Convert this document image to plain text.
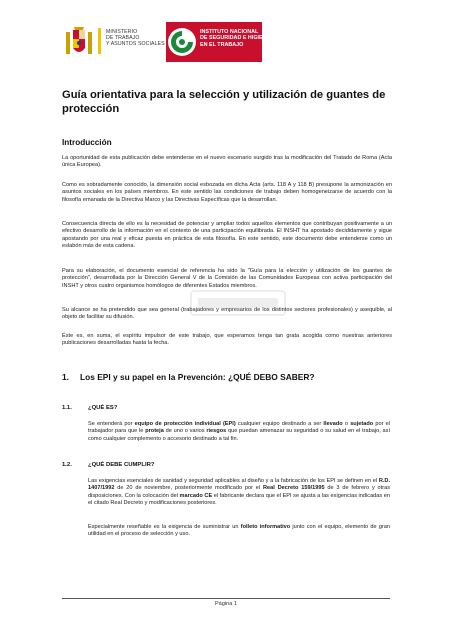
MINISTERIO
DE TRABAJO
Y ASUNTOS SOCIALES
INSTITUTO NACIONAL
DE SEGURIDAD E HIGIENE
EN EL TRABAJO
Guía orientativa para la selección y utilización de guantes de protección
Introducción

La oportunidad de esta publicación debe entenderse en el nuevo escenario surgido tras la modificación del Tratado de Roma (Acta única Europea).

Como es sobradamente conocido, la dimensión social esbozada en dicha Acta (arts. 118 A y 118 B) presupone la armonización en asuntos sociales en los países miembros. En este sentido las condiciones de trabajo deben homogeneizarse de acuerdo con la filosofía emanada de la Directiva Marco y las Directivas Específicas que la desarrollan.

Consecuencia directa de ello es la necesidad de potenciar y ampliar todos aquellos elementos que contribuyan positivamente a un efectivo desarrollo de la información en el contexto de una participación equilibrada. El INSHT ha apostado decididamente y sigue apostando por una real y eficaz puesta en práctica de esta filosofía. En este sentido, este documento debe entenderse como un eslabón más de esta cadena.

Para su elaboración, el documento esencial de referencia ha sido la "Guía para la elección y utilización de los guantes de protección", desarrollada por la Dirección General V de la Comisión de las Comunidades Europeas con activa participación del INSHT y otros cuatro organismos homólogos de diferentes Estados miembros.

Su alcance se ha pretendido que sea general (trabajadores y empresarios de los distintos sectores profesionales) y asequible, al objeto de facilitar su difusión.

Éste es, en suma, el espíritu impulsor de este trabajo, que esperamos tenga tan grata acogida como nuestras anteriores publicaciones desarrolladas hasta la fecha.

1. Los EPI y su papel en la Prevención: ¿QUÉ DEBO SABER?
1.1.	¿QUÉ ES?

Se entenderá por equipo de protección individual (EPI) cualquier equipo destinado a ser llevado o sujetado por el trabajador para que le proteja de uno o varios riesgos que puedan amenazar su seguridad o su salud en el trabajo, así como cualquier complemento o accesorio destinado a tal fin.

1.2.	¿QUÉ DEBE CUMPLIR?

Las exigencias esenciales de sanidad y seguridad aplicables al diseño y a la fabricación de los EPI se definen en el R.D. 1407/1992 de 20 de noviembre, posteriormente modificado por el Real Decreto 159/1995 de 3 de febrero y otras disposiciones. Con la colocación del marcado CE el fabricante declara que el EPI se ajusta a las exigencias indicadas en el citado Real Decreto y modificaciones posteriores.

Especialmente reseñable es la exigencia de suministrar un folleto informativo junto con el equipo, elemento de gran utilidad en el proceso de selección y uso.

Página 1
